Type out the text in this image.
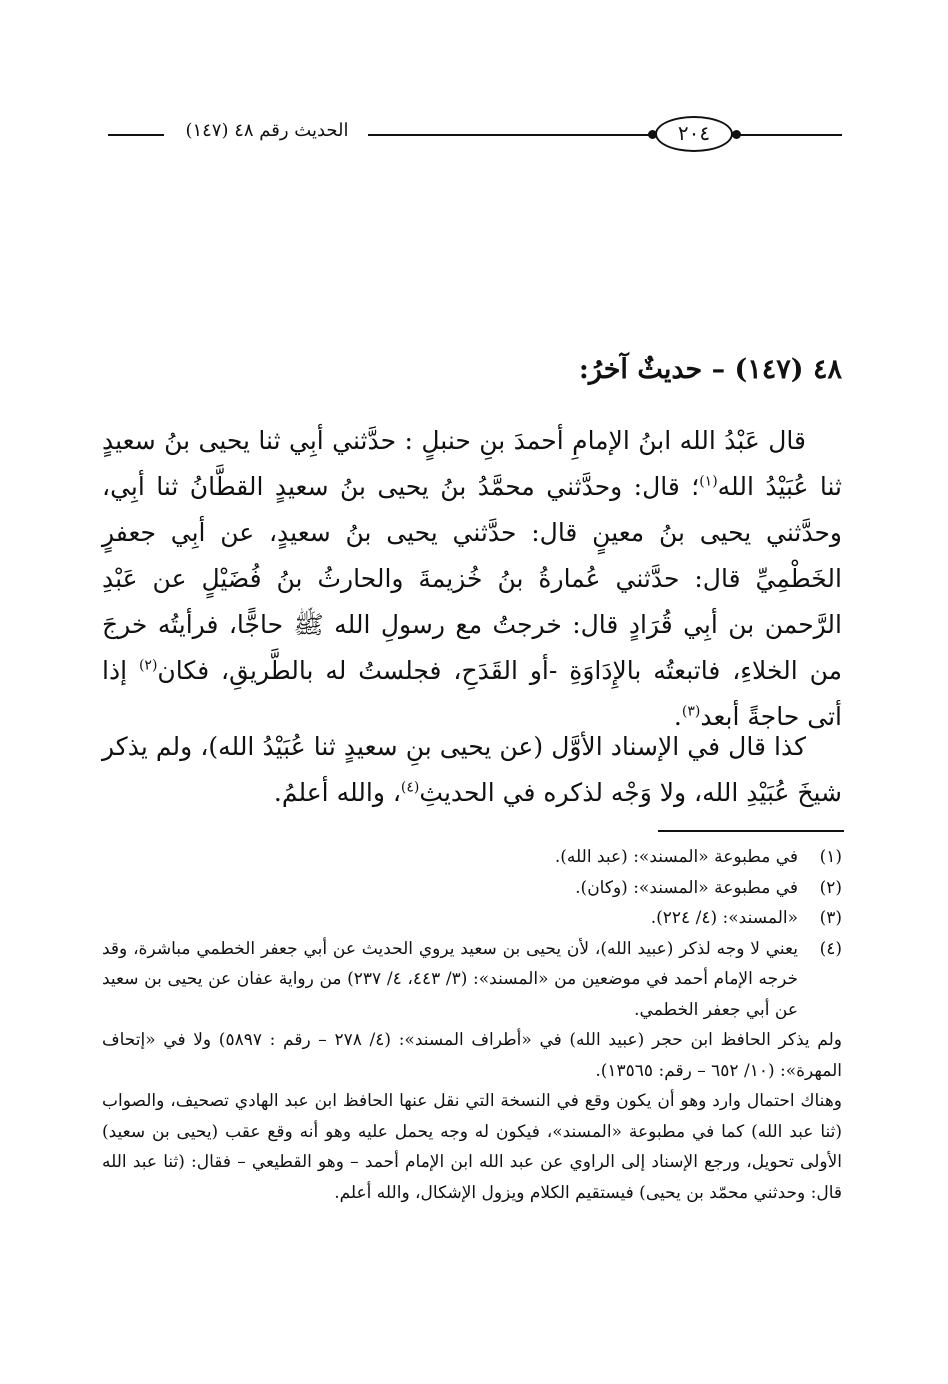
٢٠٤
الحديث رقم ٤٨ (١٤٧)
٤٨ (١٤٧) – حديثٌ آخرُ:
قال عَبْدُ الله ابنُ الإمامِ أحمدَ بنِ حنبلٍ : حدَّثني أبِي ثنا يحيى بنُ سعيدٍ ثنا عُبَيْدُ الله$^{(١)}$؛ قال: وحدَّثني محمَّدُ بنُ يحيى بنُ سعيدٍ القطَّانُ ثنا أبِي، وحدَّثني يحيى بنُ معينٍ قال: حدَّثني يحيى بنُ سعيدٍ، عن أبِي جعفرٍ الخَطْمِيِّ قال: حدَّثني عُمارةُ بنُ خُزيمةَ والحارثُ بنُ فُضَيْلٍ عن عَبْدِ الرَّحمن بن أبِي قُرَادٍ قال: خرجتُ مع رسولِ الله ﷺ حاجًّا، فرأيتُه خرجَ من الخلاءِ، فاتبعتُه بالإِدَاوَةِ -أو القَدَحِ، فجلستُ له بالطَّريقِ، فكان$^{(٢)}$ إذا أتى حاجةً أبعد$^{(٣)}$.
كذا قال في الإسناد الأوَّل (عن يحيى بنِ سعيدٍ ثنا عُبَيْدُ الله)، ولم يذكر شيخَ عُبَيْدِ الله، ولا وَجْه لذكره في الحديثِ$^{(٤)}$، والله أعلمُ.

(١)
في مطبوعة «المسند»: (عبد الله).

(٢)
في مطبوعة «المسند»: (وكان).

(٣)
«المسند»: (٤/ ٢٢٤).

(٤)
يعني لا وجه لذكر (عبيد الله)، لأن يحيى بن سعيد يروي الحديث عن أبي جعفر الخطمي مباشرة، وقد خرجه الإمام أحمد في موضعين من «المسند»: (٣/ ٤٤٣، ٤/ ٢٣٧) من رواية عفان عن يحيى بن سعيد عن أبي جعفر الخطمي.

ولم يذكر الحافظ ابن حجر (عبيد الله) في «أطراف المسند»: (٤/ ٢٧٨ – رقم : ٥٨٩٧) ولا في «إتحاف المهرة»: (١٠/ ٦٥٢ – رقم: ١٣٥٦٥).

وهناك احتمال وارد وهو أن يكون وقع في النسخة التي نقل عنها الحافظ ابن عبد الهادي تصحيف، والصواب (ثنا عبد الله) كما في مطبوعة «المسند»، فيكون له وجه يحمل عليه وهو أنه وقع عقب (يحيى بن سعيد) الأولى تحويل، ورجع الإسناد إلى الراوي عن عبد الله ابن الإمام أحمد – وهو القطيعي – فقال: (ثنا عبد الله قال: وحدثني محمّد بن يحيى) فيستقيم الكلام ويزول الإشكال، والله أعلم.
